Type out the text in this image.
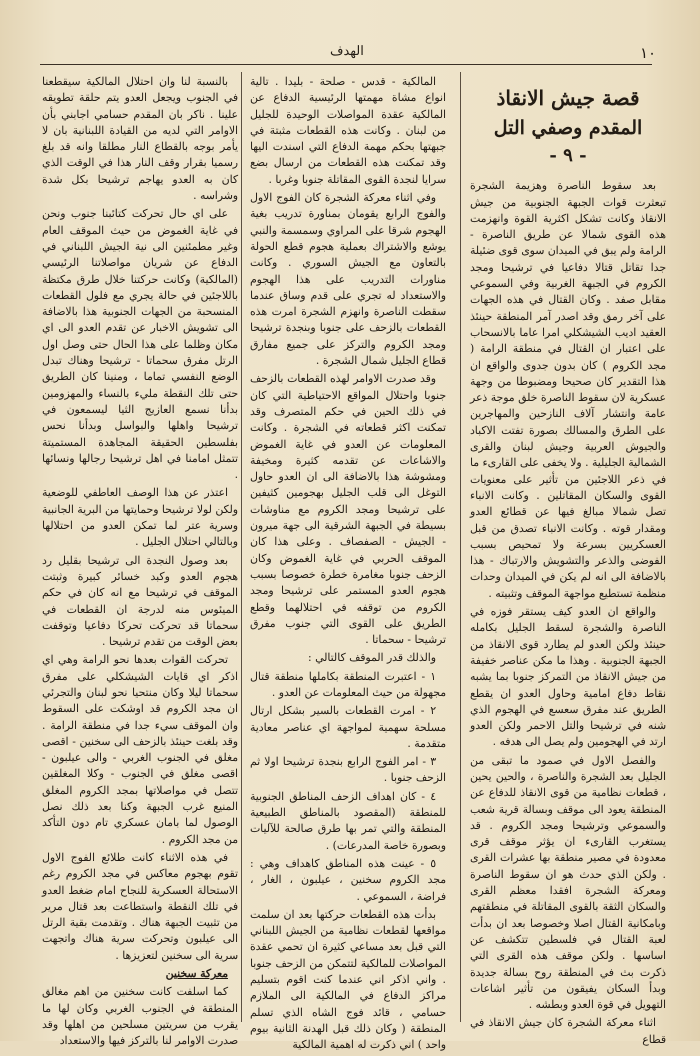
١٠
الهدف
قصة جيش الانقاذ
المقدم وصفي التل
- ٩ -

بعد سقوط الناصرة وهزيمة الشجرة تبعثرت قوات الجبهة الجنوبية من جيش الانقاذ وكانت تشكل اكثرية القوة وانهزمت هذه القوى شمالا عن طريق الناصرة - الرامة ولم يبق في الميدان سوى قوى ضئيلة جدا تقاتل قتالا دفاعيا في ترشيحا ومجد الكروم في الجبهة الغربية وفي السموعي مقابل صفد . وكان القتال في هذه الجهات على آخر رمق وقد اصدر آمر المنطقة حينئذ العقيد اديب الشيشكلي امرا عاما بالانسحاب على اعتبار ان القتال في منطقة الرامة ( مجد الكروم ) كان بدون جدوى والواقع ان هذا التقدير كان صحيحا ومضبوطا من وجهة عسكرية لان سقوط الناصرة خلق موجة ذعر عامة وانتشار آلاف النازحين والمهاجرين على الطرق والمسالك بصورة تفتت الاكباد والجيوش العربية وجيش لبنان والقرى الشمالية الجليلية . ولا يخفى على القارىء ما في ذعر اللاجئين من تأثير على معنويات القوى والسكان المقاتلين . وكانت الانباء تصل شمالا مبالغ فيها عن قطائع العدو ومقدار قوته . وكانت الانباء تصدق من قبل العسكريين بسرعة ولا تمحيص بسبب الفوضى والذعر والتشويش والارتباك - هذا بالاضافة الى انه لم يكن في الميدان وحدات منظمة تستطيع مواجهة الموقف وتثبيته .

والواقع ان العدو كيف يستقر فوزه في الناصرة والشجرة لسقط الجليل بكامله حينئذ ولكن العدو لم يطارد قوى الانقاذ من الجبهة الجنوبية . وهذا ما مكن عناصر خفيفة من جيش الانقاذ من التمركز جنوبا بما يشبه نقاط دفاع امامية وحاول العدو ان يقطع الطريق عند مفرق سعسع في الهجوم الذي شنه في ترشيحا والتل الاحمر ولكن العدو ارتد في الهجومين ولم يصل الى هدفه .

والفصل الاول في صمود ما تبقى من الجليل بعد الشجرة والناصرة ، والحين يحين ، قطعات نظامية من قوى الانقاذ للدفاع عن المنطقة يعود الى موقف وبسالة قرية شعب والسموعي وترشيحا ومجد الكروم . قد يستغرب القارىء ان يؤثر موقف قرى معدودة في مصير منطقة بها عشرات القرى . ولكن الذي حدث هو ان سقوط الناصرة ومعركة الشجرة افقدا معظم القرى والسكان الثقة بالقوى المقاتلة في منطقتهم وبامكانية القتال اصلا وخصوصا بعد ان بدأت لعبة القتال في فلسطين تتكشف عن اساسها . ولكن موقف هذه القرى التي ذكرت بث في المنطقة روح بسالة جديدة وبدأ السكان يفيقون من تأثير اشاعات التهويل في قوة العدو وبطشه .

اثناء معركة الشجرة كان جيش الانقاذ في قطاع

المالكية - قدس - صلحة - بليدا . تالية انواع مشاة مهمتها الرئيسية الدفاع عن المالكية عقدة المواصلات الوحيدة للجليل من لبنان . وكانت هذه القطعات مثبتة في جبهتها بحكم مهمة الدفاع التي اسندت اليها وقد تمكنت هذه القطعات من ارسال بضع سرايا لنجدة القوى المقاتلة جنوبا وغربا .

وفي اثناء معركة الشجرة كان الفوج الاول والفوج الرابع يقومان بمناورة تدريب بغية الهجوم شرقا على المراوي وسمسمة والنبي يوشع والاشتراك بعملية هجوم قطع الحولة بالتعاون مع الجيش السوري . وكانت مناورات التدريب على هذا الهجوم والاستعداد له تجري على قدم وساق عندما سقطت الناصرة وانهزم الشجرة امرت هذه القطعات بالزحف على جنوبا وبنجدة ترشيحا ومجد الكروم والتركز على جميع مفارق قطاع الجليل شمال الشجرة .

وقد صدرت الاوامر لهذه القطعات بالزحف جنوبا واحتلال المواقع الاحتياطية التي كان في ذلك الحين في حكم المتصرف وقد تمكنت اكثر قطعاته في الشجرة . وكانت المعلومات عن العدو في غاية الغموض والاشاعات عن تقدمه كثيرة ومخيفة ومشوشة هذا بالاضافة الى ان العدو حاول التوغل الى قلب الجليل بهجومين كثيفين على ترشيحا ومجد الكروم مع مناوشات بسيطة في الجبهة الشرقية الى جهة ميرون - الجيش - الصفصاف . وعلى هذا كان الموقف الحربي في غاية الغموض وكان الزحف جنوبا مغامرة خطرة خصوصا بسبب هجوم العدو المستمر على ترشيحا ومجد الكروم من توقفه في احتلالهما وقطع الطريق على القوى التي جنوب مفرق ترشيحا - سحماتا .

والذلك قدر الموقف كالتالي :

١ - اعتبرت المنطقة بكاملها منطقة قتال مجهولة من حيث المعلومات عن العدو .

٢ - امرت القطعات بالسير بشكل ارتال مسلحة سهمية لمواجهة اي عناصر معادية متقدمة .

٣ - امر الفوج الرابع بنجدة ترشيحا اولا ثم الزحف جنوبا .

٤ - كان اهداف الزحف المناطق الجنوبية للمنطقة (المقصود بالمناطق الطبيعية المنطقة والتي تمر بها طرق صالحة للآليات وبصورة خاصة المدرعات) .

٥ - عينت هذه المناطق كاهداف وهي : مجد الكروم سخنين ، عيلبون ، الغار ، فراضة ، السموعي .

بدأت هذه القطعات حركتها بعد ان سلمت مواقعها لقطعات نظامية من الجيش اللبناني التي قبل بعد مساعي كثيرة ان تحمي عقدة المواصلات للمالكية لتتمكن من الزحف جنوبا . واني اذكر اني عندما كنت اقوم بتسليم مراكز الدفاع في المالكية الى الملازم حسامي ، قائد فوج الشاه الذي تسلم المنطقة ( وكان ذلك قبل الهدنة الثانية بيوم واحد ) اني ذكرت له اهمية المالكية

بالنسبة لنا وان احتلال المالكية سيقطعنا في الجنوب ويجعل العدو يتم حلقة تطويقه علينا . ناكر بان المقدم حسامي اجابني بأن الاوامر التي لديه من القيادة اللبنانية بان لا يأمر بوجه بالقطاع النار مطلقا وانه قد بلغ رسميا بقرار وقف النار هذا في الوقت الذي كان به العدو يهاجم ترشيحا بكل شدة وشراسه .

على اي حال تحركت كتائبنا جنوب ونحن في غاية الغموض من حيث الموقف العام وغير مطمئنين الى نية الجيش اللبناني في الدفاع عن شريان مواصلاتنا الرئيسي (المالكية) وكانت حركتنا خلال طرق مكتظة باللاجئين في حالة يجري مع فلول القطعات المنسحبة من الجهات الجنوبية هذا بالاضافة الى تشويش الاخبار عن تقدم العدو الى اي مكان وظلما على هذا الحال حتى وصل اول الرتل مفرق سحماتا - ترشيحا وهناك تبدل الوضع النفسي تماما ، ومنينا كان الطريق حتى تلك النقطة مليء بالنساء والمهزومين بدأنا نسمع العازيج الثيا ليسمعون في ترشيحا واهلها والبواسل وبدأنا نحس بفلسطين الحقيقة المجاهدة المستميتة تتمثل امامنا في اهل ترشيحا رجالها ونسائها .

اعتذر عن هذا الوصف العاطفي للوضعية ولكن لولا ترشيحا وحمايتها من البرية الجانبية وسرية عتر لما تمكن العدو من احتلالها وبالتالي احتلال الجليل .

بعد وصول النجدة الى ترشيحا بقليل رد هجوم العدو وكبد خسائر كبيرة وثبتت الموقف في ترشيحا مع انه كان في حكم الميئوس منه لدرجة ان القطعات في سحماتا قد تحركت تحركا دفاعيا وتوقفت بعض الوقت من تقدم ترشيحا .

تحركت القوات بعدها نحو الرامة وهي اي اذكر اي قايات الشيشكلي على مفرق سحماتا ليلا وكان منتحيا نحو لبنان والتجرئي ان مجد الكروم قد اوشكت على السقوط وان الموقف سيء جدا في منطقة الرامة . وقد بلغت حينئذ بالزحف الى سخنين - اقصى مغلق في الجنوب الغربي - والى عيلبون - اقصى مغلق في الجنوب - وكلا المغلقين تتصل في مواصلاتها بمجد الكروم المغلق المنيع غرب الجبهة وكنا بعد ذلك نصل الوصول لما بامان عسكري تام دون التأكد من مجد الكروم .

في هذه الاثناء كانت طلائع الفوج الاول تقوم بهجوم معاكس في مجد الكروم رغم الاستحالة العسكرية للنجاح امام ضغط العدو في تلك النقطة واستطاعت بعد قتال مرير من تثبيت الجبهة هناك . وتقدمت بقية الرتل الى عيلبون وتحركت سرية هناك واتجهت سرية الى سخنين لتعزيزها .

معركة سخنين

كما اسلفت كانت سخنين من اهم مغالق المنطقة في الجنوب الغربي وكان لها ما يقرب من سريتين مسلحين من اهلها وقد صدرت الاوامر لنا بالتركز فيها والاستعداد
